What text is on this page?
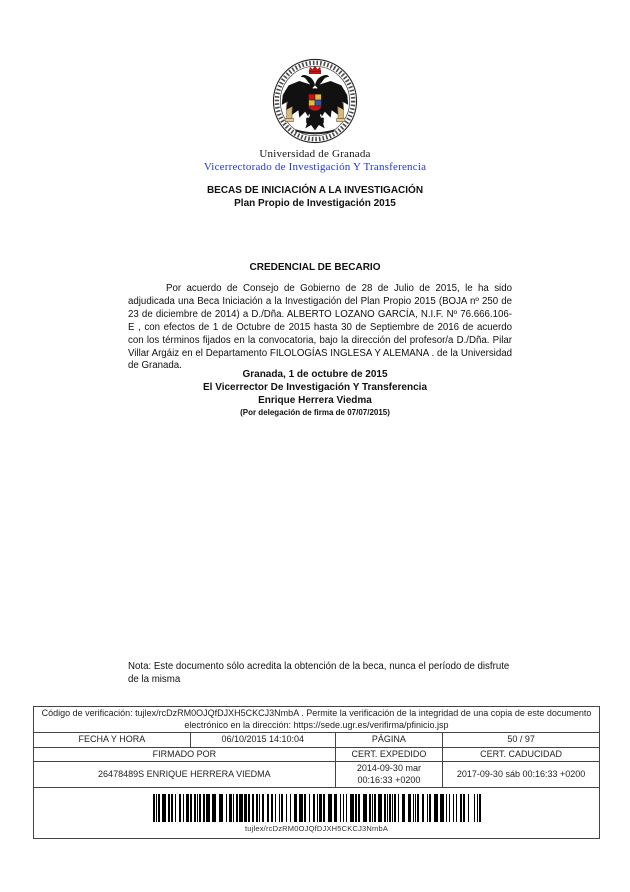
Universidad de Granada
Vicerrectorado de Investigación Y Transferencia
BECAS DE INICIACIÓN A LA INVESTIGACIÓN
Plan Propio de Investigación 2015
CREDENCIAL DE BECARIO
Por acuerdo de Consejo de Gobierno de 28 de Julio de 2015, le ha sido adjudicada una Beca Iniciación a la Investigación del Plan Propio 2015 (BOJA nº 250 de 23 de diciembre de 2014) a D./Dña. ALBERTO LOZANO GARCÍA, N.I.F. Nº 76.666.106-E , con efectos de 1 de Octubre de 2015 hasta 30 de Septiembre de 2016 de acuerdo con los términos fijados en la convocatoria, bajo la dirección del profesor/a D./Dña. Pilar Villar Argáiz en el Departamento FILOLOGÍAS INGLESA Y ALEMANA . de la Universidad de Granada.
Granada, 1 de octubre de 2015
El Vicerrector De Investigación Y Transferencia
Enrique Herrera Viedma
(Por delegación de firma de 07/07/2015)
Nota: Este documento sólo acredita la obtención de la beca, nunca el período de disfrute de la misma
Código de verificación: tujlex/rcDzRM0OJQfDJXH5CKCJ3NmbA . Permite la verificación de la integridad de una copia de este documento electrónico en la dirección: https://sede.ugr.es/verifirma/pfinicio.jsp			
FECHA Y HORA	06/10/2015 14:10:04	PÁGINA	50 / 97
FIRMADO POR		CERT. EXPEDIDO	CERT. CADUCIDAD
26478489S ENRIQUE HERRERA VIEDMA		2014-09-30 mar 00:16:33 +0200	2017-09-30 sáb 00:16:33 +0200

tujlex/rcDzRM0OJQfDJXH5CKCJ3NmbA			
